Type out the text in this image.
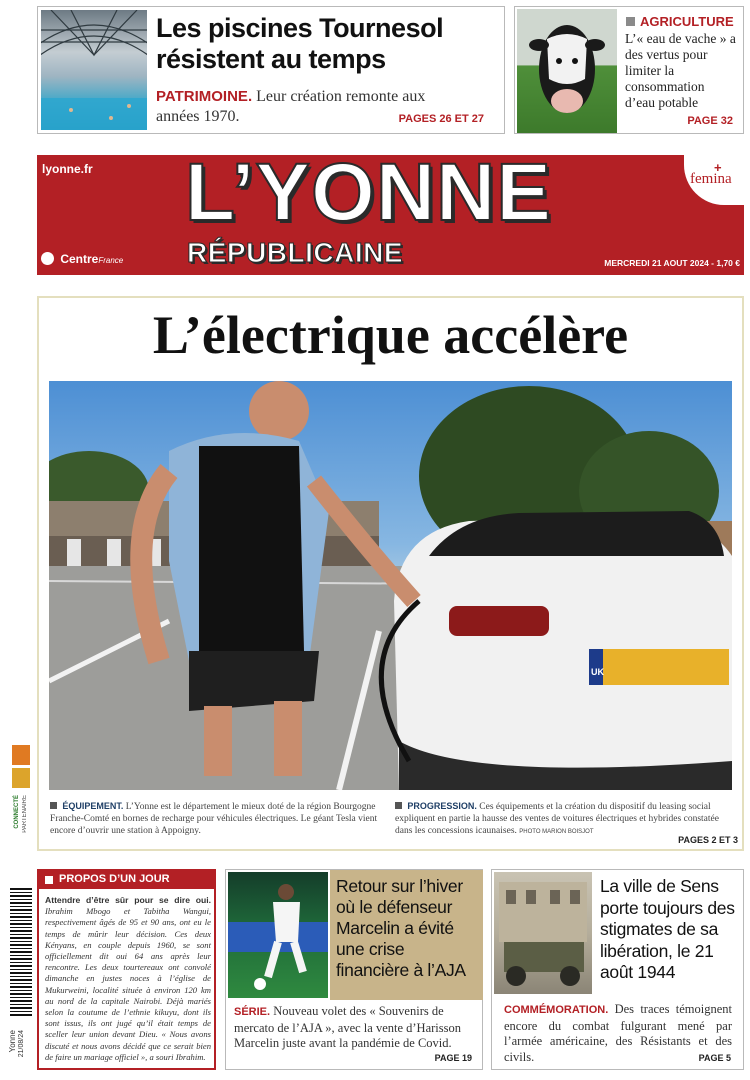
Les piscines Tournesol résistent au temps
PATRIMOINE. Leur création remonte aux années 1970.	PAGES 26 ET 27
AGRICULTURE
L’« eau de vache » a des vertus pour limiter la consommation d’eau potable
PAGE 32
lyonne.fr L’YONNE
RÉPUBLICAINE
CentreFrance
+
femina
MERCREDI 21 AOUT 2024 - 1,70 €
L’électrique accélère
UK
ÉQUIPEMENT. L’Yonne est le département le mieux doté de la région Bourgogne Franche-Comté en bornes de recharge pour véhicules électriques. Le géant Tesla vient encore d’ouvrir une station à Appoigny.
PROGRESSION. Ces équipements et la création du dispositif du leasing social expliquent en partie la hausse des ventes de voitures électriques et hybrides constatée dans les concessions icaunaises. PHOTO MARION BOISJOT
PAGES 2 ET 3
CONNECTÉ PARTENAIRE
Yonne 21/08/24
PROPOS D’UN JOUR
Attendre d’être sûr pour se dire oui. Ibrahim Mbogo et Tabitha Wangui, respectivement âgés de 95 et 90 ans, ont eu le temps de mûrir leur décision. Ces deux Kényans, en couple depuis 1960, se sont officiellement dit oui 64 ans après leur rencontre. Les deux tourtereaux ont convolé dimanche en justes noces à l’église de Mukurweini, localité située à environ 120 km au nord de la capitale Nairobi. Déjà mariés selon la coutume de l’ethnie kikuyu, dont ils sont issus, ils ont jugé qu’il était temps de sceller leur union devant Dieu. « Nous avons discuté et nous avons décidé que ce serait bien de faire un mariage officiel », a souri Ibrahim.
Retour sur l’hiver où le défenseur Marcelin a évité une crise financière à l’AJA
SÉRIE. Nouveau volet des « Souvenirs de mercato de l’AJA », avec la vente d’Harisson Marcelin juste avant la pandémie de Covid.
PAGE 19
La ville de Sens porte toujours des stigmates de sa libération, le 21 août 1944
COMMÉMORATION. Des traces témoignent encore du combat fulgurant mené par l’armée américaine, des Résistants et des civils.	PAGE 5
